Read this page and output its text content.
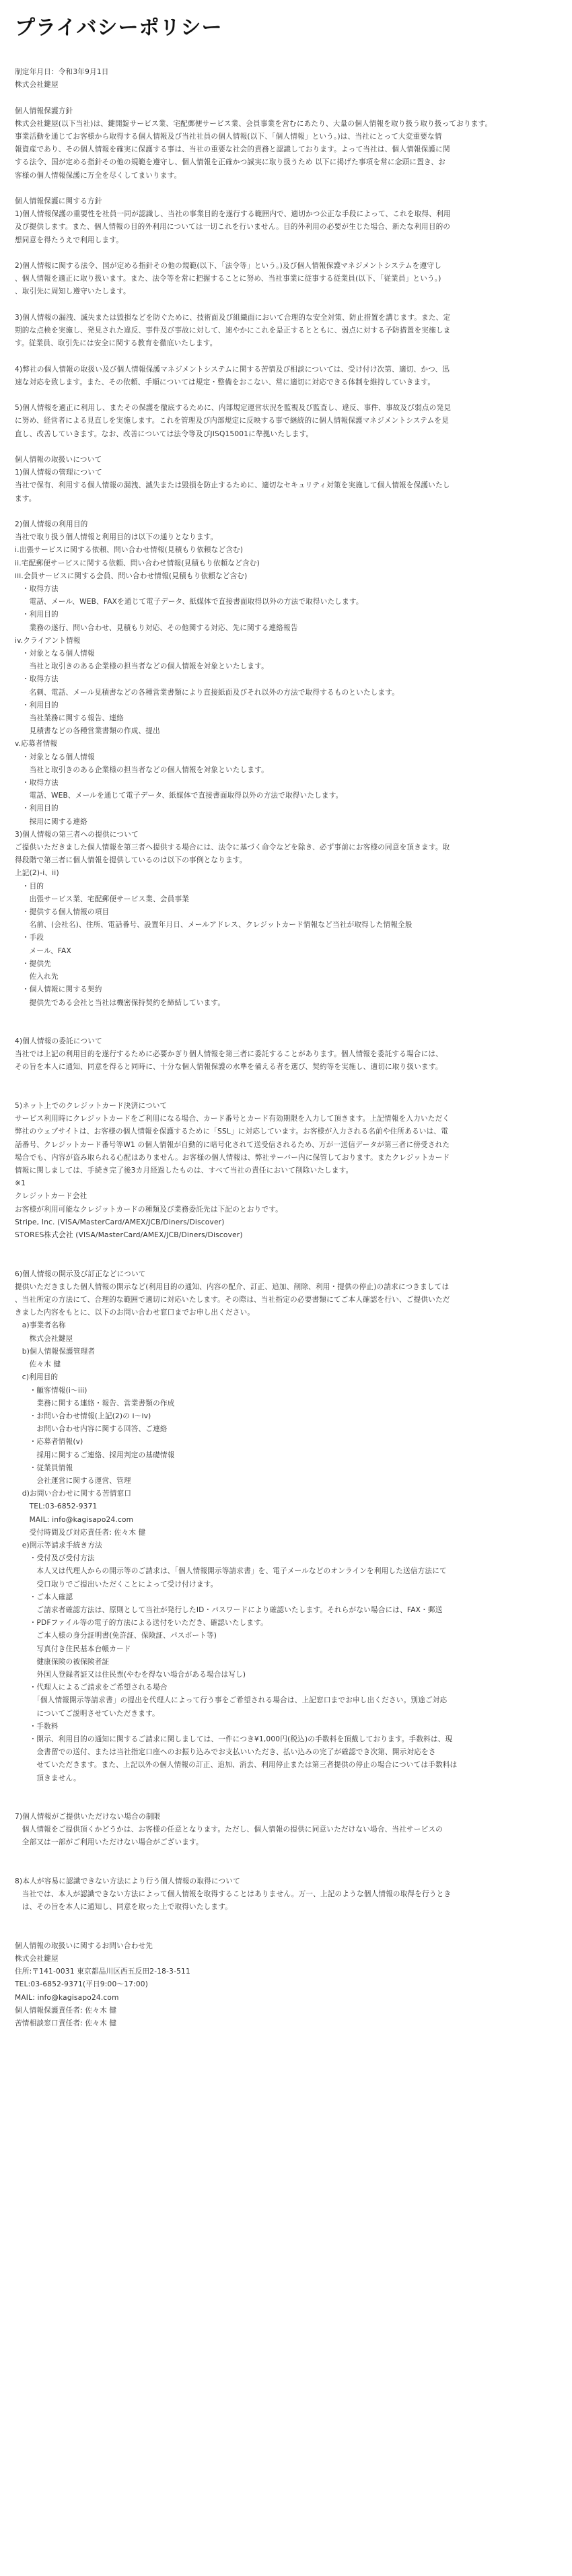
プライバシーポリシー
制定年月日：令和3年9月1日
株式会社鍵屋
個人情報保護方針
株式会社鍵屋(以下当社)は、鍵開錠サービス業、宅配郵便サービス業、会員事業を営むにあたり、大量の個人情報を取り扱う取り扱っております。
事業活動を通じてお客様から取得する個人情報及び当社社員の個人情報(以下、「個人情報」という。)は、当社にとって大変重要な情
報資産であり、その個人情報を確実に保護する事は、当社の重要な社会的責務と認識しております。よって当社は、個人情報保護に関
する法令、国が定める指針その他の規範を遵守し、個人情報を正確かつ誠実に取り扱うため 以下に掲げた事項を常に念頭に置き、お
客様の個人情報保護に万全を尽くしてまいります。
個人情報保護に関する方針
1)個人情報保護の重要性を社員一同が認識し、当社の事業目的を遂行する範囲内で、適切かつ公正な手段によって、これを取得、利用
及び提供します。また、個人情報の目的外利用については一切これを行いません。目的外利用の必要が生じた場合、新たな利用目的の
想同意を得たうえで利用します。
2)個人情報に関する法令、国が定める指針その他の規範(以下、「法令等」という。)及び個人情報保護マネジメントシステムを遵守し
、個人情報を適正に取り扱います。また、法令等を常に把握することに努め、当社事業に従事する従業員(以下、「従業員」という。)
、取引先に周知し遵守いたします。
3)個人情報の漏洩、滅失または毀損などを防ぐために、技術面及び組織面において合理的な安全対策、防止措置を講じます。また、定
期的な点検を実施し、発見された違反、事件及び事故に対して、速やかにこれを是正するとともに、弱点に対する予防措置を実施しま
す。従業員、取引先には安全に関する教育を徹底いたします。
4)弊社の個人情報の取扱い及び個人情報保護マネジメントシステムに関する苦情及び相談については、受け付け次第、適切、かつ、迅
速な対応を致します。また、その依頼、手順については規定・整備をおこない、常に適切に対応できる体制を維持していきます。
5)個人情報を適正に利用し、またその保護を徹底するために、内部規定運営状況を監視及び監査し、違反、事件、事故及び弱点の発見
に努め、経営者による見直しを実施します。これを管理及び内部規定に反映する事で継続的に個人情報保護マネジメントシステムを見
直し、改善していきます。なお、改善については法令等及びJISQ15001に準拠いたします。
個人情報の取扱いについて
1)個人情報の管理について
当社で保有、利用する個人情報の漏洩、滅失または毀損を防止するために、適切なセキュリティ対策を実施して個人情報を保護いたし
ます。
2)個人情報の利用目的
当社で取り扱う個人情報と利用目的は以下の通りとなります。
i.出張サービスに関する依頼、問い合わせ情報(見積もり依頼など含む)
ii.宅配郵便サービスに関する依頼、問い合わせ情報(見積もり依頼など含む)
iii.会員サービスに関する会員、問い合わせ情報(見積もり依頼など含む)
　・取得方法
　　電話、メール、WEB、FAXを通じて電子データ、紙媒体で直接書面取得以外の方法で取得いたします。
　・利用目的
　　業務の遂行、問い合わせ、見積もり対応、その他関する対応、先に関する連絡報告
iv.クライアント情報
　・対象となる個人情報
　　当社と取引きのある企業様の担当者などの個人情報を対象といたします。
　・取得方法
　　名刺、電話、メール見積書などの各種営業書類により直接紙面及びそれ以外の方法で取得するものといたします。
　・利用目的
　　当社業務に関する報告、連絡
　　見積書などの各種営業書類の作成、提出
v.応募者情報
　・対象となる個人情報
　　当社と取引きのある企業様の担当者などの個人情報を対象といたします。
　・取得方法
　　電話、WEB、メールを通じて電子データ、紙媒体で直接書面取得以外の方法で取得いたします。
　・利用目的
　　採用に関する連絡
3)個人情報の第三者への提供について
ご提供いただきました個人情報を第三者へ提供する場合には、法令に基づく命令などを除き、必ず事前にお客様の同意を頂きます。取
得段階で第三者に個人情報を提供しているのは以下の事例となります。
上記(2)-i、ii)
　・目的
　　出張サービス業、宅配郵便サービス業、会員事業
　・提供する個人情報の項目
　　名前、(会社名)、住所、電話番号、設置年月日、メールアドレス、クレジットカード情報など当社が取得した情報全般
　・手段
　　メール、FAX
　・提供先
　　佐入れ先
　・個人情報に関する契約
　　提供先である会社と当社は機密保持契約を締結しています。
4)個人情報の委託について
当社では上記の利用目的を遂行するために必要かぎり個人情報を第三者に委託することがあります。個人情報を委託する場合には、
その旨を本人に通知、同意を得ると同時に、十分な個人情報保護の水準を備える者を選び、契約等を実施し、適切に取り扱います。
5)ネット上でのクレジットカード決済について
サービス利用時にクレジットカードをご利用になる場合、カード番号とカード有効期限を入力して頂きます。上記情報を入力いただく
弊社のウェブサイトは、お客様の個人情報を保護するために「SSL」に対応しています。お客様が入力される名前や住所あるいは、電
話番号、クレジットカード番号等W1 の個人情報が自動的に暗号化されて送受信されるため、万が一送信データが第三者に傍受された
場合でも、内容が盗み取られる心配はありません。お客様の個人情報は、弊社サーバー内に保管しております。またクレジットカード
情報に関しましては、手続き完了後3カ月経過したものは、すべて当社の責任において削除いたします。
※1
クレジットカード会社
お客様が利用可能なクレジットカードの種類及び業務委託先は下記のとおりです。
Stripe, Inc. (VISA/MasterCard/AMEX/JCB/Diners/Discover)
STORES株式会社 (VISA/MasterCard/AMEX/JCB/Diners/Discover)
6)個人情報の開示及び訂正などについて
提供いただきました個人情報の開示など(利用目的の通知、内容の配介、訂正、追加、削除、利用・提供の停止)の請求につきましては
、当社所定の方法にて、合理的な範囲で適切に対応いたします。その際は、当社指定の必要書類にてご本人確認を行い、ご提供いただ
きました内容をもとに、以下のお問い合わせ窓口までお申し出ください。
　a)事業者名称
　　株式会社鍵屋
　b)個人情報保護管理者
　　佐々木 健
　c)利用目的
　　・顧客情報(i～iii)
　　　業務に関する連絡・報告、営業書類の作成
　　・お問い合わせ情報(上記(2)の i～iv)
　　　お問い合わせ内容に関する回答、ご連絡
　　・応募者情報(v)
　　　採用に関するご連絡、採用判定の基礎情報
　　・従業員情報
　　　会社運営に関する運営、管理
　d)お問い合わせに関する苦情窓口
　　TEL:03-6852-9371
　　MAIL: info@kagisapo24.com
　　受付時間及び対応責任者: 佐々木 健
　e)開示等請求手続き方法
　　・受付及び受付方法
　　　本人又は代理人からの開示等のご請求は、「個人情報開示等請求書」を、電子メールなどのオンラインを利用した送信方法にて
　　　受口取りでご提出いただくことによって受け付けます。
　　・ご本人確認
　　　ご請求者確認方法は、原則として当社が発行したID・パスワードにより確認いたします。それらがない場合には、FAX・郵送
　　・PDFファイル等の電子的方法による送付をいただき、確認いたします。
　　　ご本人様の身分証明書(免許証、保険証、パスポート等)
　　　写真付き住民基本台帳カード
　　　健康保険の被保険者証
　　　外国人登録者証又は住民票(やむを得ない場合がある場合は写し)
　　・代理人によるご請求をご希望される場合
　　　「個人情報開示等請求書」の提出を代理人によって行う事をご希望される場合は、上記窓口までお申し出ください。別途ご対応
　　　についてご説明させていただきます。
　　・手数料
　　・開示、利用目的の通知に関するご請求に関しましては、一件につき¥1,000円(税込)の手数料を頂戴しております。手数料は、現
　　　金書留での送付、または当社指定口座へのお振り込みでお支払いいただき、払い込みの完了が確認でき次第、開示対応をさ
　　　せていただきます。また、上記以外の個人情報の訂正、追加、消去、利用停止または第三者提供の停止の場合については手数料は
　　　頂きません。
7)個人情報がご提供いただけない場合の制限
　個人情報をご提供頂くかどうかは、お客様の任意となります。ただし、個人情報の提供に同意いただけない場合、当社サービスの
　全部又は一部がご利用いただけない場合がございます。
8)本人が容易に認識できない方法により行う個人情報の取得について
　当社では、本人が認識できない方法によって個人情報を取得することはありません。万一、上記のような個人情報の取得を行うとき
　は、その旨を本人に通知し、同意を取った上で取得いたします。
個人情報の取扱いに関するお問い合わせ先
株式会社鍵屋
住所:〒141-0031 東京都品川区西五反田2-18-3-511
TEL:03-6852-9371(平日9:00～17:00)
MAIL: info@kagisapo24.com
個人情報保護責任者: 佐々木 健
苦情相談窓口責任者: 佐々木 健
